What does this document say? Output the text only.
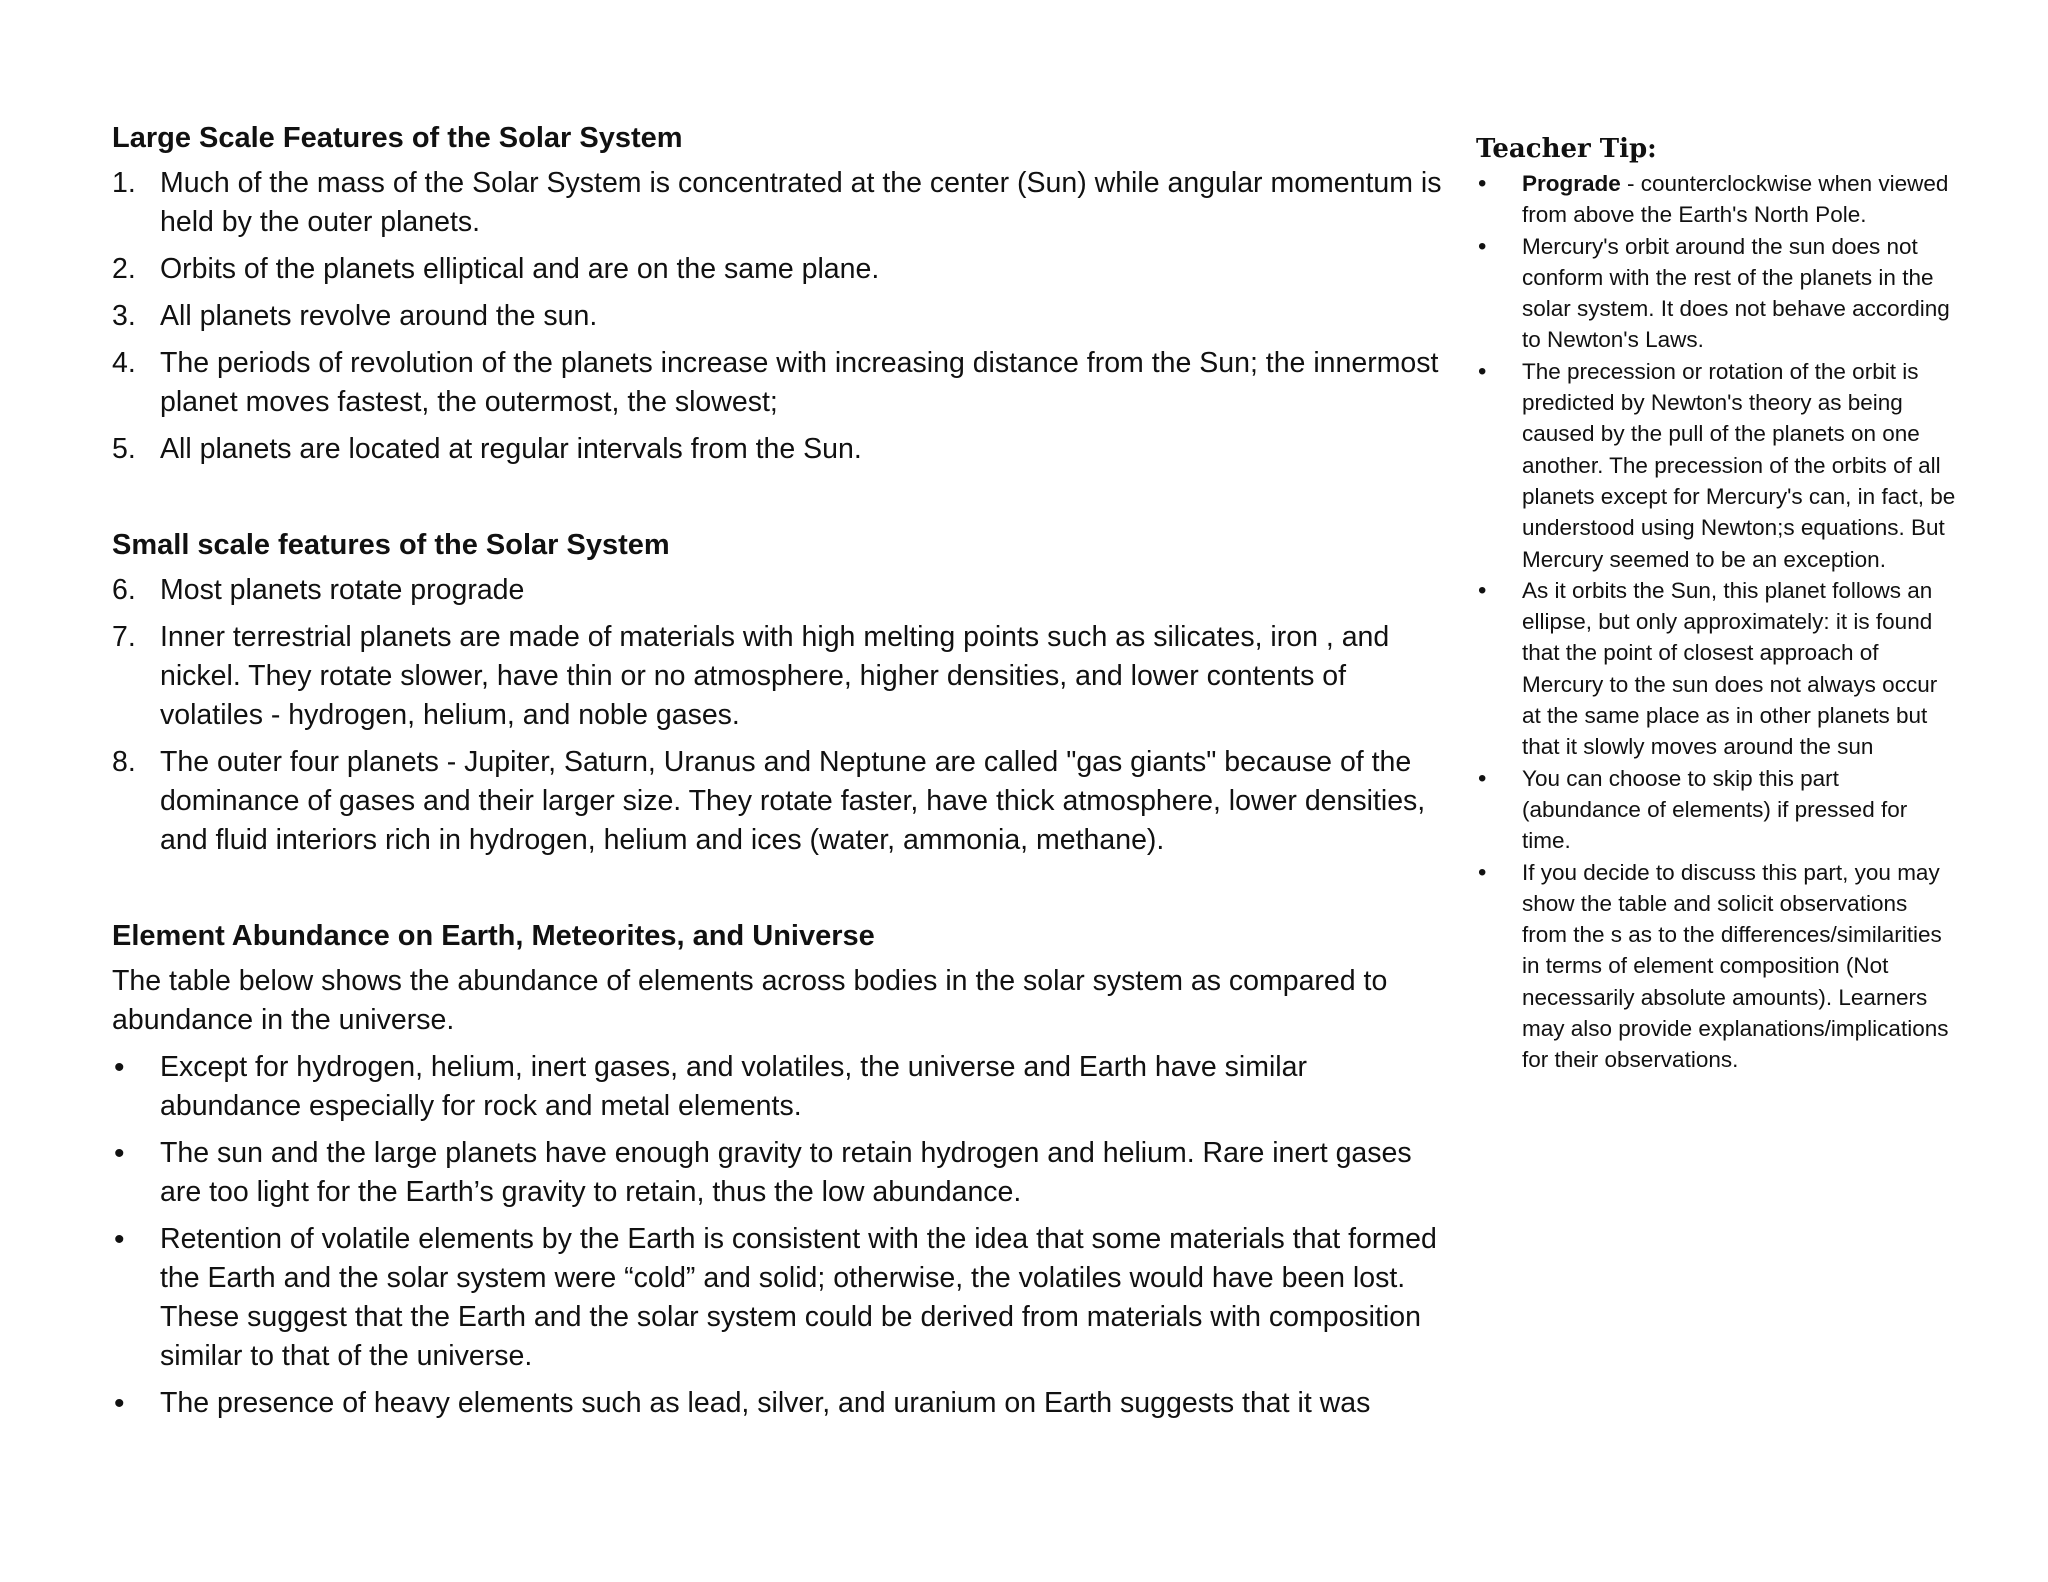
Large Scale Features of the Solar System
1. Much of the mass of the Solar System is concentrated at the center (Sun) while angular momentum is held by the outer planets.
2. Orbits of the planets elliptical and are on the same plane.
3. All planets revolve around the sun.
4. The periods of revolution of the planets increase with increasing distance from the Sun; the innermost planet moves fastest, the outermost, the slowest;
5. All planets are located at regular intervals from the Sun.
Small scale features of the Solar System
6. Most planets rotate prograde
7. Inner terrestrial planets are made of materials with high melting points such as silicates, iron , and nickel. They rotate slower, have thin or no atmosphere, higher densities, and lower contents of volatiles - hydrogen, helium, and noble gases.
8. The outer four planets - Jupiter, Saturn, Uranus and Neptune are called "gas giants" because of the dominance of gases and their larger size. They rotate faster, have thick atmosphere, lower densities, and fluid interiors rich in hydrogen, helium and ices (water, ammonia, methane).
Element Abundance on Earth, Meteorites, and Universe

The table below shows the abundance of elements across bodies in the solar system as compared to abundance in the universe.

• Except for hydrogen, helium, inert gases, and volatiles, the universe and Earth have similar abundance especially for rock and metal elements.
• The sun and the large planets have enough gravity to retain hydrogen and helium. Rare inert gases are too light for the Earth’s gravity to retain, thus the low abundance.
• Retention of volatile elements by the Earth is consistent with the idea that some materials that formed the Earth and the solar system were “cold” and solid; otherwise, the volatiles would have been lost. These suggest that the Earth and the solar system could be derived from materials with composition similar to that of the universe.
• The presence of heavy elements such as lead, silver, and uranium on Earth suggests that it was
Teacher Tip:
• Prograde - counterclockwise when viewed from above the Earth's North Pole.
• Mercury's orbit around the sun does not conform with the rest of the planets in the solar system. It does not behave according to Newton's Laws.
• The precession or rotation of the orbit is predicted by Newton's theory as being caused by the pull of the planets on one another. The precession of the orbits of all planets except for Mercury's can, in fact, be understood using Newton;s equations. But Mercury seemed to be an exception.
• As it orbits the Sun, this planet follows an ellipse, but only approximately: it is found that the point of closest approach of Mercury to the sun does not always occur at the same place as in other planets but that it slowly moves around the sun
• You can choose to skip this part (abundance of elements) if pressed for time.
• If you decide to discuss this part, you may show the table and solicit observations from the s as to the differences/similarities in terms of element composition (Not necessarily absolute amounts). Learners may also provide explanations/implications for their observations.
